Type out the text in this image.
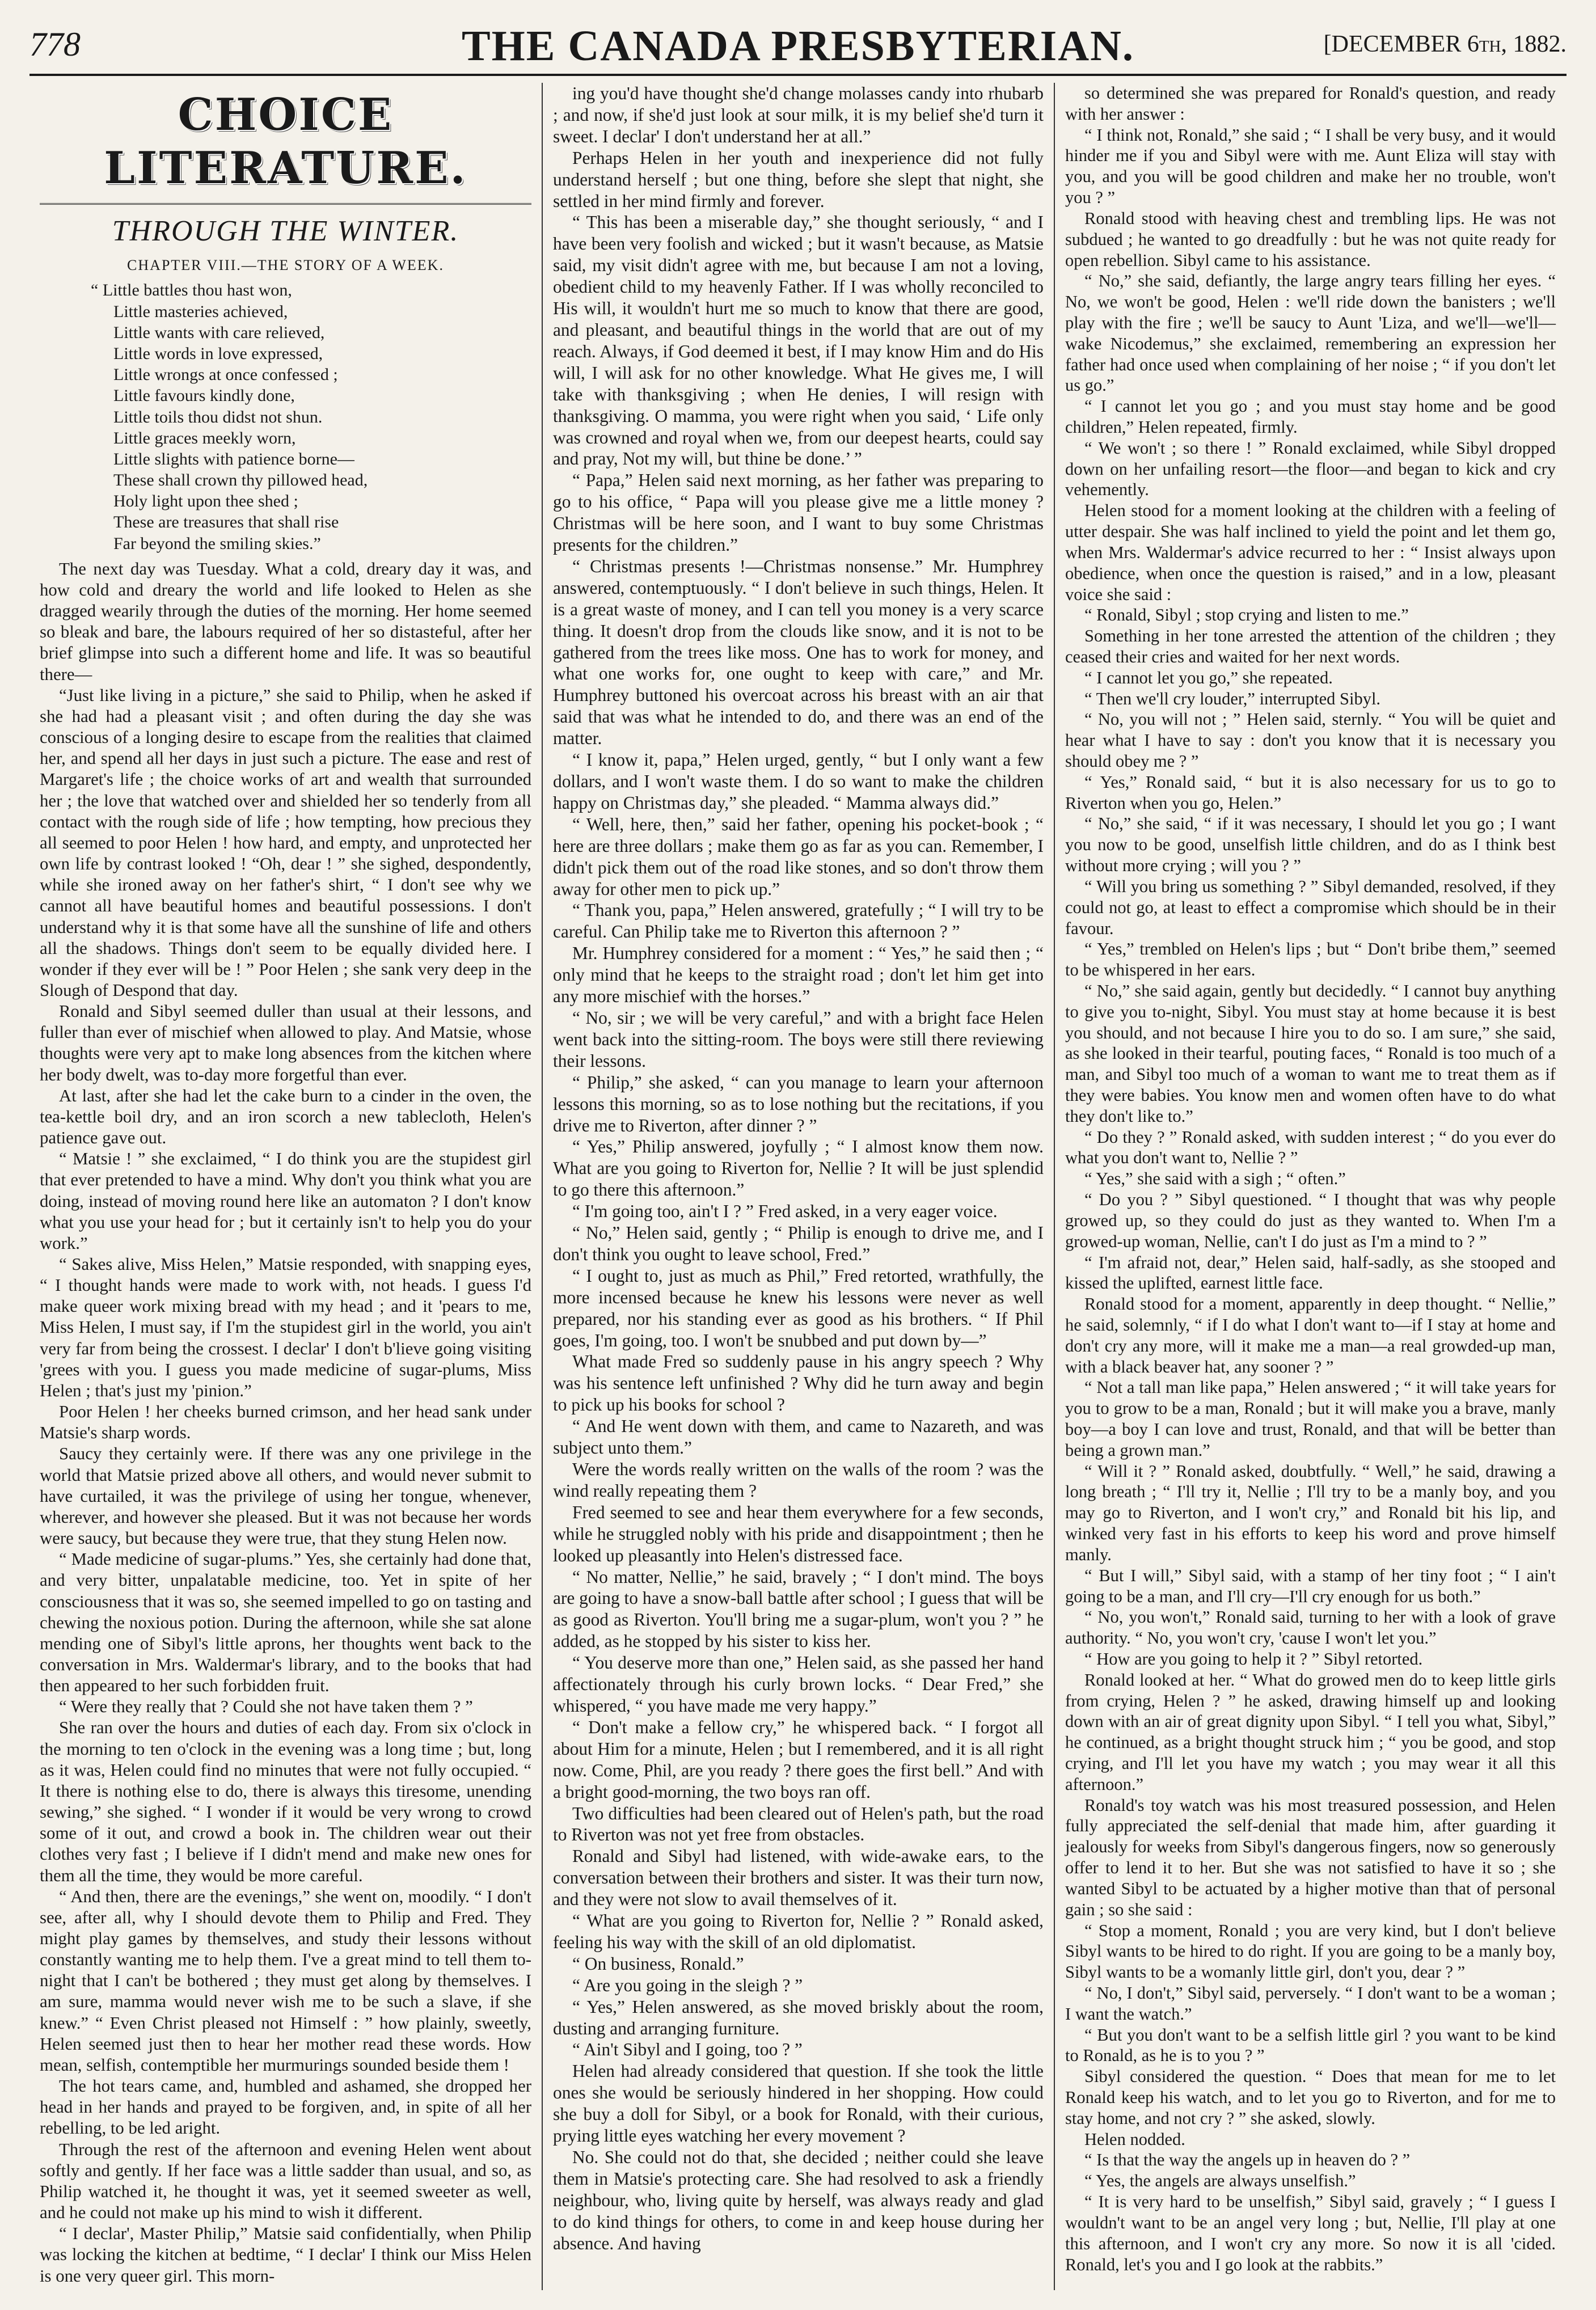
778	THE CANADA PRESBYTERIAN.	[DECEMBER 6th, 1882.
CHOICE LITERATURE.
THROUGH THE WINTER.
CHAPTER VIII.—THE STORY OF A WEEK.
“ Little battles thou hast won,
Little masteries achieved,
Little wants with care relieved,
Little words in love expressed,
Little wrongs at once confessed ;
Little favours kindly done,
Little toils thou didst not shun.
Little graces meekly worn,
Little slights with patience borne—
These shall crown thy pillowed head,
Holy light upon thee shed ;
These are treasures that shall rise
Far beyond the smiling skies.”

The next day was Tuesday. What a cold, dreary day it was, and how cold and dreary the world and life looked to Helen as she dragged wearily through the duties of the morning. Her home seemed so bleak and bare, the labours required of her so distasteful, after her brief glimpse into such a different home and life. It was so beautiful there—

“Just like living in a picture,” she said to Philip, when he asked if she had had a pleasant visit ; and often during the day she was conscious of a longing desire to escape from the realities that claimed her, and spend all her days in just such a picture. The ease and rest of Margaret's life ; the choice works of art and wealth that surrounded her ; the love that watched over and shielded her so tenderly from all contact with the rough side of life ; how tempting, how precious they all seemed to poor Helen ! how hard, and empty, and unprotected her own life by contrast looked ! “Oh, dear ! ” she sighed, despondently, while she ironed away on her father's shirt, “ I don't see why we cannot all have beautiful homes and beautiful possessions. I don't understand why it is that some have all the sunshine of life and others all the shadows. Things don't seem to be equally divided here. I wonder if they ever will be ! ” Poor Helen ; she sank very deep in the Slough of Despond that day.

Ronald and Sibyl seemed duller than usual at their lessons, and fuller than ever of mischief when allowed to play. And Matsie, whose thoughts were very apt to make long absences from the kitchen where her body dwelt, was to-day more forgetful than ever.

At last, after she had let the cake burn to a cinder in the oven, the tea-kettle boil dry, and an iron scorch a new tablecloth, Helen's patience gave out.

“ Matsie ! ” she exclaimed, “ I do think you are the stupidest girl that ever pretended to have a mind. Why don't you think what you are doing, instead of moving round here like an automaton ? I don't know what you use your head for ; but it certainly isn't to help you do your work.”

“ Sakes alive, Miss Helen,” Matsie responded, with snapping eyes, “ I thought hands were made to work with, not heads. I guess I'd make queer work mixing bread with my head ; and it 'pears to me, Miss Helen, I must say, if I'm the stupidest girl in the world, you ain't very far from being the crossest. I declar' I don't b'lieve going visiting 'grees with you. I guess you made medicine of sugar-plums, Miss Helen ; that's just my 'pinion.”

Poor Helen ! her cheeks burned crimson, and her head sank under Matsie's sharp words.

Saucy they certainly were. If there was any one privilege in the world that Matsie prized above all others, and would never submit to have curtailed, it was the privilege of using her tongue, whenever, wherever, and however she pleased. But it was not because her words were saucy, but because they were true, that they stung Helen now.

“ Made medicine of sugar-plums.” Yes, she certainly had done that, and very bitter, unpalatable medicine, too. Yet in spite of her consciousness that it was so, she seemed impelled to go on tasting and chewing the noxious potion. During the afternoon, while she sat alone mending one of Sibyl's little aprons, her thoughts went back to the conversation in Mrs. Waldermar's library, and to the books that had then appeared to her such forbidden fruit.

“ Were they really that ? Could she not have taken them ? ”

She ran over the hours and duties of each day. From six o'clock in the morning to ten o'clock in the evening was a long time ; but, long as it was, Helen could find no minutes that were not fully occupied. “ It there is nothing else to do, there is always this tiresome, unending sewing,” she sighed. “ I wonder if it would be very wrong to crowd some of it out, and crowd a book in. The children wear out their clothes very fast ; I believe if I didn't mend and make new ones for them all the time, they would be more careful.

“ And then, there are the evenings,” she went on, moodily. “ I don't see, after all, why I should devote them to Philip and Fred. They might play games by themselves, and study their lessons without constantly wanting me to help them. I've a great mind to tell them to-night that I can't be bothered ; they must get along by themselves. I am sure, mamma would never wish me to be such a slave, if she knew.” “ Even Christ pleased not Himself : ” how plainly, sweetly, Helen seemed just then to hear her mother read these words. How mean, selfish, contemptible her murmurings sounded beside them !

The hot tears came, and, humbled and ashamed, she dropped her head in her hands and prayed to be forgiven, and, in spite of all her rebelling, to be led aright.

Through the rest of the afternoon and evening Helen went about softly and gently. If her face was a little sadder than usual, and so, as Philip watched it, he thought it was, yet it seemed sweeter as well, and he could not make up his mind to wish it different.

“ I declar', Master Philip,” Matsie said confidentially, when Philip was locking the kitchen at bedtime, “ I declar' I think our Miss Helen is one very queer girl. This morn-

ing you'd have thought she'd change molasses candy into rhubarb ; and now, if she'd just look at sour milk, it is my belief she'd turn it sweet. I declar' I don't understand her at all.”

Perhaps Helen in her youth and inexperience did not fully understand herself ; but one thing, before she slept that night, she settled in her mind firmly and forever.

“ This has been a miserable day,” she thought seriously, “ and I have been very foolish and wicked ; but it wasn't because, as Matsie said, my visit didn't agree with me, but because I am not a loving, obedient child to my heavenly Father. If I was wholly reconciled to His will, it wouldn't hurt me so much to know that there are good, and pleasant, and beautiful things in the world that are out of my reach. Always, if God deemed it best, if I may know Him and do His will, I will ask for no other knowledge. What He gives me, I will take with thanksgiving ; when He denies, I will resign with thanksgiving. O mamma, you were right when you said, ‘ Life only was crowned and royal when we, from our deepest hearts, could say and pray, Not my will, but thine be done.’ ”

“ Papa,” Helen said next morning, as her father was preparing to go to his office, “ Papa will you please give me a little money ? Christmas will be here soon, and I want to buy some Christmas presents for the children.”

“ Christmas presents !—Christmas nonsense.” Mr. Humphrey answered, contemptuously. “ I don't believe in such things, Helen. It is a great waste of money, and I can tell you money is a very scarce thing. It doesn't drop from the clouds like snow, and it is not to be gathered from the trees like moss. One has to work for money, and what one works for, one ought to keep with care,” and Mr. Humphrey buttoned his overcoat across his breast with an air that said that was what he intended to do, and there was an end of the matter.

“ I know it, papa,” Helen urged, gently, “ but I only want a few dollars, and I won't waste them. I do so want to make the children happy on Christmas day,” she pleaded. “ Mamma always did.”

“ Well, here, then,” said her father, opening his pocket-book ; “ here are three dollars ; make them go as far as you can. Remember, I didn't pick them out of the road like stones, and so don't throw them away for other men to pick up.”

“ Thank you, papa,” Helen answered, gratefully ; “ I will try to be careful. Can Philip take me to Riverton this afternoon ? ”

Mr. Humphrey considered for a moment : “ Yes,” he said then ; “ only mind that he keeps to the straight road ; don't let him get into any more mischief with the horses.”

“ No, sir ; we will be very careful,” and with a bright face Helen went back into the sitting-room. The boys were still there reviewing their lessons.

“ Philip,” she asked, “ can you manage to learn your afternoon lessons this morning, so as to lose nothing but the recitations, if you drive me to Riverton, after dinner ? ”

“ Yes,” Philip answered, joyfully ; “ I almost know them now. What are you going to Riverton for, Nellie ? It will be just splendid to go there this afternoon.”

“ I'm going too, ain't I ? ” Fred asked, in a very eager voice.

“ No,” Helen said, gently ; “ Philip is enough to drive me, and I don't think you ought to leave school, Fred.”

“ I ought to, just as much as Phil,” Fred retorted, wrathfully, the more incensed because he knew his lessons were never as well prepared, nor his standing ever as good as his brothers. “ If Phil goes, I'm going, too. I won't be snubbed and put down by—”

What made Fred so suddenly pause in his angry speech ? Why was his sentence left unfinished ? Why did he turn away and begin to pick up his books for school ?

“ And He went down with them, and came to Nazareth, and was subject unto them.”

Were the words really written on the walls of the room ? was the wind really repeating them ?

Fred seemed to see and hear them everywhere for a few seconds, while he struggled nobly with his pride and disappointment ; then he looked up pleasantly into Helen's distressed face.

“ No matter, Nellie,” he said, bravely ; “ I don't mind. The boys are going to have a snow-ball battle after school ; I guess that will be as good as Riverton. You'll bring me a sugar-plum, won't you ? ” he added, as he stopped by his sister to kiss her.

“ You deserve more than one,” Helen said, as she passed her hand affectionately through his curly brown locks. “ Dear Fred,” she whispered, “ you have made me very happy.”

“ Don't make a fellow cry,” he whispered back. “ I forgot all about Him for a minute, Helen ; but I remembered, and it is all right now. Come, Phil, are you ready ? there goes the first bell.” And with a bright good-morning, the two boys ran off.

Two difficulties had been cleared out of Helen's path, but the road to Riverton was not yet free from obstacles.

Ronald and Sibyl had listened, with wide-awake ears, to the conversation between their brothers and sister. It was their turn now, and they were not slow to avail themselves of it.

“ What are you going to Riverton for, Nellie ? ” Ronald asked, feeling his way with the skill of an old diplomatist.

“ On business, Ronald.”

“ Are you going in the sleigh ? ”

“ Yes,” Helen answered, as she moved briskly about the room, dusting and arranging furniture.

“ Ain't Sibyl and I going, too ? ”

Helen had already considered that question. If she took the little ones she would be seriously hindered in her shopping. How could she buy a doll for Sibyl, or a book for Ronald, with their curious, prying little eyes watching her every movement ?

No. She could not do that, she decided ; neither could she leave them in Matsie's protecting care. She had resolved to ask a friendly neighbour, who, living quite by herself, was always ready and glad to do kind things for others, to come in and keep house during her absence. And having

so determined she was prepared for Ronald's question, and ready with her answer :

“ I think not, Ronald,” she said ; “ I shall be very busy, and it would hinder me if you and Sibyl were with me. Aunt Eliza will stay with you, and you will be good children and make her no trouble, won't you ? ”

Ronald stood with heaving chest and trembling lips. He was not subdued ; he wanted to go dreadfully : but he was not quite ready for open rebellion. Sibyl came to his assistance.

“ No,” she said, defiantly, the large angry tears filling her eyes. “ No, we won't be good, Helen : we'll ride down the banisters ; we'll play with the fire ; we'll be saucy to Aunt 'Liza, and we'll—we'll—wake Nicodemus,” she exclaimed, remembering an expression her father had once used when complaining of her noise ; “ if you don't let us go.”

“ I cannot let you go ; and you must stay home and be good children,” Helen repeated, firmly.

“ We won't ; so there ! ” Ronald exclaimed, while Sibyl dropped down on her unfailing resort—the floor—and began to kick and cry vehemently.

Helen stood for a moment looking at the children with a feeling of utter despair. She was half inclined to yield the point and let them go, when Mrs. Waldermar's advice recurred to her : “ Insist always upon obedience, when once the question is raised,” and in a low, pleasant voice she said :

“ Ronald, Sibyl ; stop crying and listen to me.”

Something in her tone arrested the attention of the children ; they ceased their cries and waited for her next words.

“ I cannot let you go,” she repeated.

“ Then we'll cry louder,” interrupted Sibyl.

“ No, you will not ; ” Helen said, sternly. “ You will be quiet and hear what I have to say : don't you know that it is necessary you should obey me ? ”

“ Yes,” Ronald said, “ but it is also necessary for us to go to Riverton when you go, Helen.”

“ No,” she said, “ if it was necessary, I should let you go ; I want you now to be good, unselfish little children, and do as I think best without more crying ; will you ? ”

“ Will you bring us something ? ” Sibyl demanded, resolved, if they could not go, at least to effect a compromise which should be in their favour.

“ Yes,” trembled on Helen's lips ; but “ Don't bribe them,” seemed to be whispered in her ears.

“ No,” she said again, gently but decidedly. “ I cannot buy anything to give you to-night, Sibyl. You must stay at home because it is best you should, and not because I hire you to do so. I am sure,” she said, as she looked in their tearful, pouting faces, “ Ronald is too much of a man, and Sibyl too much of a woman to want me to treat them as if they were babies. You know men and women often have to do what they don't like to.”

“ Do they ? ” Ronald asked, with sudden interest ; “ do you ever do what you don't want to, Nellie ? ”

“ Yes,” she said with a sigh ; “ often.”

“ Do you ? ” Sibyl questioned. “ I thought that was why people growed up, so they could do just as they wanted to. When I'm a growed-up woman, Nellie, can't I do just as I'm a mind to ? ”

“ I'm afraid not, dear,” Helen said, half-sadly, as she stooped and kissed the uplifted, earnest little face.

Ronald stood for a moment, apparently in deep thought. “ Nellie,” he said, solemnly, “ if I do what I don't want to—if I stay at home and don't cry any more, will it make me a man—a real growded-up man, with a black beaver hat, any sooner ? ”

“ Not a tall man like papa,” Helen answered ; “ it will take years for you to grow to be a man, Ronald ; but it will make you a brave, manly boy—a boy I can love and trust, Ronald, and that will be better than being a grown man.”

“ Will it ? ” Ronald asked, doubtfully. “ Well,” he said, drawing a long breath ; “ I'll try it, Nellie ; I'll try to be a manly boy, and you may go to Riverton, and I won't cry,” and Ronald bit his lip, and winked very fast in his efforts to keep his word and prove himself manly.

“ But I will,” Sibyl said, with a stamp of her tiny foot ; “ I ain't going to be a man, and I'll cry—I'll cry enough for us both.”

“ No, you won't,” Ronald said, turning to her with a look of grave authority. “ No, you won't cry, 'cause I won't let you.”

“ How are you going to help it ? ” Sibyl retorted.

Ronald looked at her. “ What do growed men do to keep little girls from crying, Helen ? ” he asked, drawing himself up and looking down with an air of great dignity upon Sibyl. “ I tell you what, Sibyl,” he continued, as a bright thought struck him ; “ you be good, and stop crying, and I'll let you have my watch ; you may wear it all this afternoon.”

Ronald's toy watch was his most treasured possession, and Helen fully appreciated the self-denial that made him, after guarding it jealously for weeks from Sibyl's dangerous fingers, now so generously offer to lend it to her. But she was not satisfied to have it so ; she wanted Sibyl to be actuated by a higher motive than that of personal gain ; so she said :

“ Stop a moment, Ronald ; you are very kind, but I don't believe Sibyl wants to be hired to do right. If you are going to be a manly boy, Sibyl wants to be a womanly little girl, don't you, dear ? ”

“ No, I don't,” Sibyl said, perversely. “ I don't want to be a woman ; I want the watch.”

“ But you don't want to be a selfish little girl ? you want to be kind to Ronald, as he is to you ? ”

Sibyl considered the question. “ Does that mean for me to let Ronald keep his watch, and to let you go to Riverton, and for me to stay home, and not cry ? ” she asked, slowly.

Helen nodded.

“ Is that the way the angels up in heaven do ? ”

“ Yes, the angels are always unselfish.”

“ It is very hard to be unselfish,” Sibyl said, gravely ; “ I guess I wouldn't want to be an angel very long ; but, Nellie, I'll play at one this afternoon, and I won't cry any more. So now it is all 'cided. Ronald, let's you and I go look at the rabbits.”
